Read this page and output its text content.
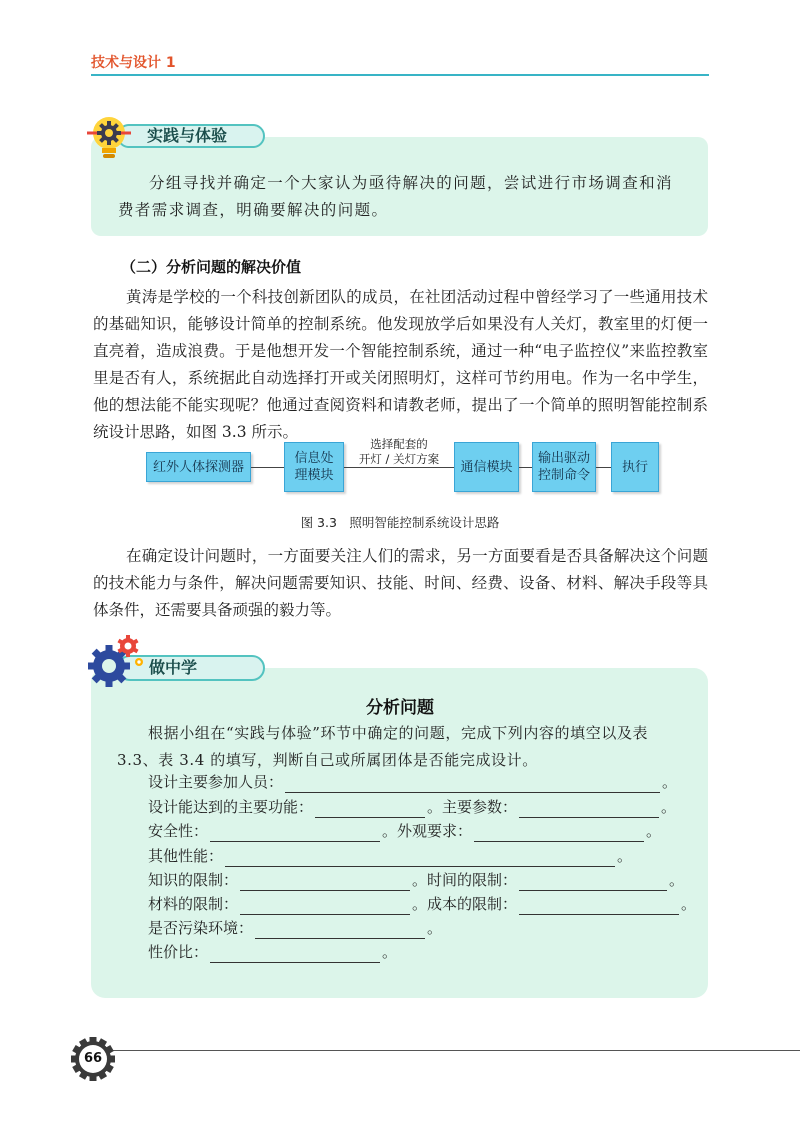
技术与设计 1
实践与体验
分组寻找并确定一个大家认为亟待解决的问题，尝试进行市场调查和消费者需求调查，明确要解决的问题。
（二）分析问题的解决价值
黄涛是学校的一个科技创新团队的成员，在社团活动过程中曾经学习了一些通用技术的基础知识，能够设计简单的控制系统。他发现放学后如果没有人关灯，教室里的灯便一直亮着，造成浪费。于是他想开发一个智能控制系统，通过一种“电子监控仪”来监控教室里是否有人，系统据此自动选择打开或关闭照明灯，这样可节约用电。作为一名中学生，他的想法能不能实现呢？他通过查阅资料和请教老师，提出了一个简单的照明智能控制系统设计思路，如图 3.3 所示。
红外人体探测器
信息处
理模块
选择配套的
开灯 / 关灯方案
通信模块
输出驱动
控制命令
执行
图 3.3　照明智能控制系统设计思路
在确定设计问题时，一方面要关注人们的需求，另一方面要看是否具备解决这个问题的技术能力与条件，解决问题需要知识、技能、时间、经费、设备、材料、解决手段等具体条件，还需要具备顽强的毅力等。
做中学
分析问题
根据小组在“实践与体验”环节中确定的问题，完成下列内容的填空以及表 3.3、表 3.4 的填写，判断自己或所属团体是否能完成设计。
设计主要参加人员：	。
设计能达到的主要功能：	。 主要参数：	。
安全性：	。 外观要求：	。
其他性能：	。
知识的限制：	。 时间的限制：	。
材料的限制：	。 成本的限制：	。
是否污染环境：	。
性价比：	。
66
